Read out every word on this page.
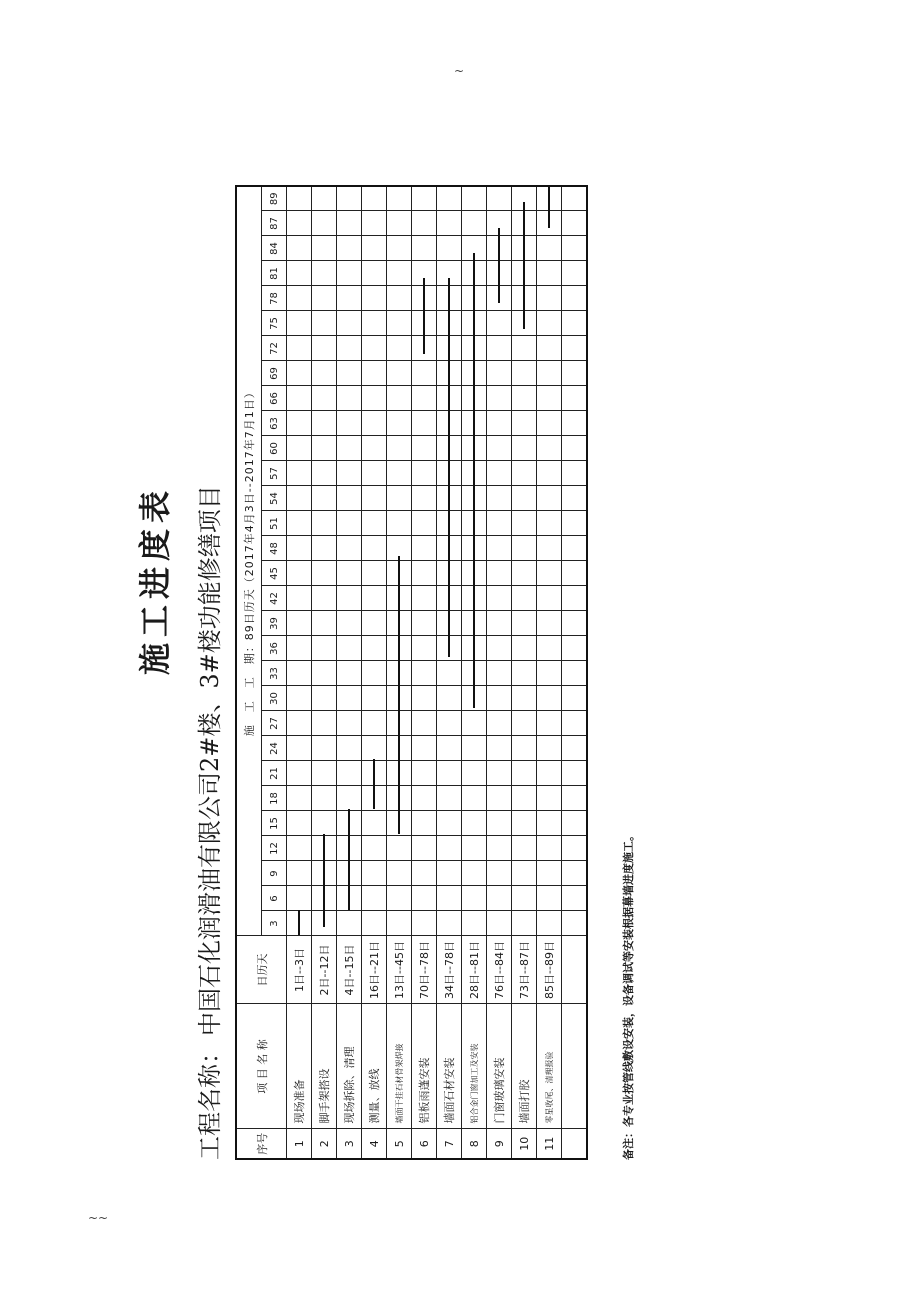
~
~~
施工进度表
工程名称：中国石化润滑油有限公司2#楼、3#楼功能修缮项目
序号	项 目 名 称	日历天	施　工　工　期：89日历天（2017年4月3日--2017年7月1日）																													
			3	6	9	12	15	18	21	24	27	30	33	36	39	42	45	48	51	54	57	60	63	66	69	72	75	78	81	84	87	89
1	现场准备	1日--3日	

2	脚手架搭设	2日--12日	

3	现场拆除、清理	4日--15日	

4	测量、放线	16日--21日	

5	墙面干挂石材骨架焊接	13日--45日	

6	铝板雨蓬安装	70日--78日	

7	墙面石材安装	34日--78日	

8	铝合金门窗加工及安装	28日--81日	

9	门窗玻璃安装	76日--84日	

10	墙面打胶	73日--87日	

11	零星收尾、清理报验	85日--89日	

																																	备注：各专业按管线敷设安装，设备调试等安装根据幕墙进度施工。
